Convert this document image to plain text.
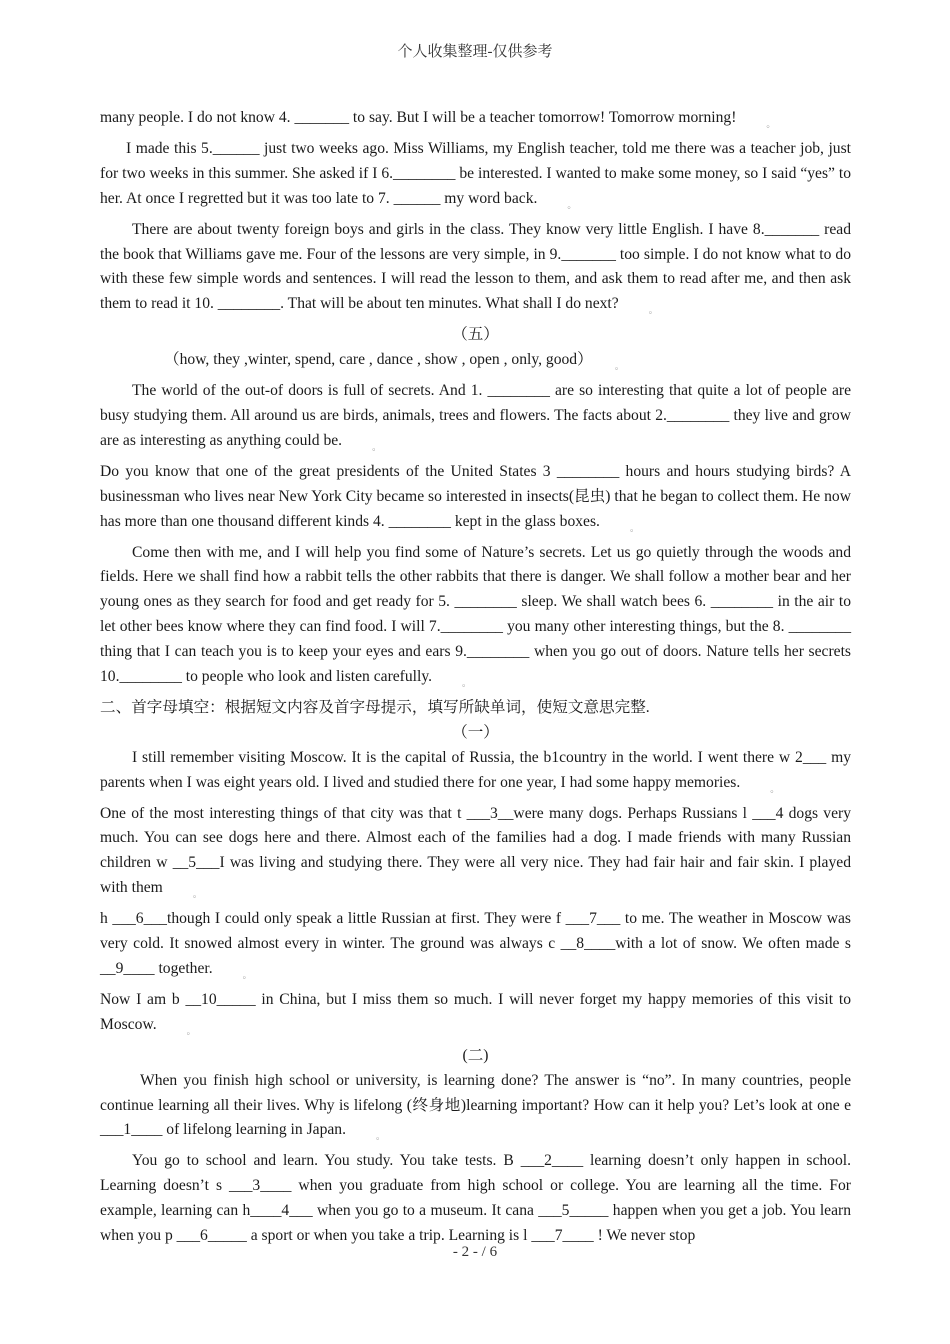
个人收集整理-仅供参考

many people. I do not know 4. _______ to say. But I will be a teacher tomorrow! Tomorrow morning!	$_。$

I made this 5.______ just two weeks ago. Miss Williams, my English teacher, told me there was a teacher job, just for two weeks in this summer. She asked if I 6.________ be interested. I wanted to make some money, so I said “yes” to her. At once I regretted but it was too late to 7. ______ my word back.	$_。$

There are about twenty foreign boys and girls in the class. They know very little English. I have 8._______ read the book that Williams gave me. Four of the lessons are very simple, in 9._______ too simple. I do not know what to do with these few simple words and sentences. I will read the lesson to them, and ask them to read after me, and then ask them to read it 10. ________. That will be about ten minutes. What shall I do next?	$_。$

（五）

（how, they ,winter, spend, care , dance , show , open , only, good）	$_。$

The world of the out-of doors is full of secrets. And 1. ________ are so interesting that quite a lot of people are busy studying them. All around us are birds, animals, trees and flowers. The facts about 2.________ they live and grow are as interesting as anything could be.	$_。$

Do you know that one of the great presidents of the United States 3 ________ hours and hours studying birds? A businessman who lives near New York City became so interested in insects(昆虫) that he began to collect them. He now has more than one thousand different kinds 4. ________ kept in the glass boxes.	$_。$

Come then with me, and I will help you find some of Nature’s secrets. Let us go quietly through the woods and fields. Here we shall find how a rabbit tells the other rabbits that there is danger. We shall follow a mother bear and her young ones as they search for food and get ready for 5. ________ sleep. We shall watch bees 6. ________ in the air to let other bees know where they can find food. I will 7.________ you many other interesting things, but the 8. ________ thing that I can teach you is to keep your eyes and ears 9.________ when you go out of doors. Nature tells her secrets 10.________ to people who look and listen carefully.	$_。$

二、首字母填空：根据短文内容及首字母提示，填写所缺单词，使短文意思完整.

（一）

I still remember visiting Moscow. It is the capital of Russia, the b1country in the world. I went there w 2___ my parents when I was eight years old. I lived and studied there for one year, I had some happy memories.	$_。$

One of the most interesting things of that city was that t ___3__were many dogs. Perhaps Russians l ___4 dogs very much. You can see dogs here and there. Almost each of the families had a dog. I made friends with many Russian children w __5___I was living and studying there. They were all very nice. They had fair hair and fair skin. I played with them	$_。$

h ___6___though I could only speak a little Russian at first. They were f ___7___ to me. The weather in Moscow was very cold. It snowed almost every in winter. The ground was always c __8____with a lot of snow. We often made s __9____ together.	$_。$

Now I am b __10_____ in China, but I miss them so much. I will never forget my happy memories of this visit to Moscow.	$_。$

(二)

When you finish high school or university, is learning done? The answer is “no”. In many countries, people continue learning all their lives. Why is lifelong (终身地)learning important? How can it help you? Let’s look at one e ___1____ of lifelong learning in Japan.	$_。$

You go to school and learn. You study. You take tests. B ___2____ learning doesn’t only happen in school. Learning doesn’t s ___3____ when you graduate from high school or college. You are learning all the time. For example, learning can h____4___ when you go to a museum. It cana ___5_____ happen when you get a job. You learn when you p ___6_____ a sport or when you take a trip. Learning is l ___7____ ! We never stop

- 2 - / 6
